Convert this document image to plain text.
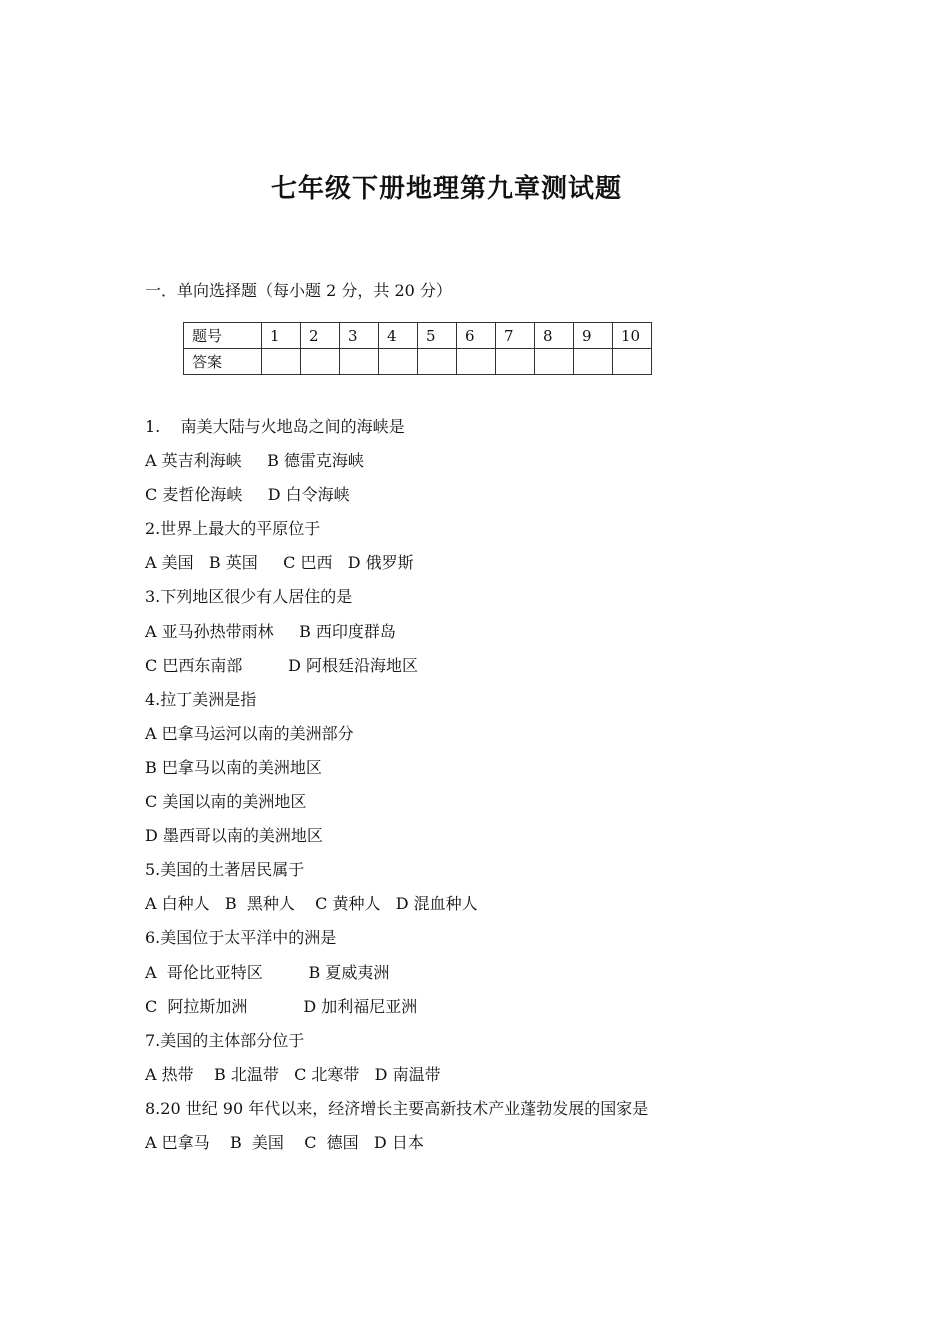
七年级下册地理第九章测试题
一．单向选择题（每小题 2 分，共 20 分）
题号	1	2	3	4	5	6	7	8	9	10
答案										
1.    南美大陆与火地岛之间的海峡是
A 英吉利海峡     B 德雷克海峡
C 麦哲伦海峡     D 白令海峡
2.世界上最大的平原位于
A 美国   B 英国     C 巴西   D 俄罗斯
3.下列地区很少有人居住的是
A 亚马孙热带雨林     B 西印度群岛
C 巴西东南部         D 阿根廷沿海地区
4.拉丁美洲是指
A 巴拿马运河以南的美洲部分
B 巴拿马以南的美洲地区
C 美国以南的美洲地区
D 墨西哥以南的美洲地区
5.美国的土著居民属于
A 白种人   B  黑种人    C 黄种人   D 混血种人
6.美国位于太平洋中的洲是
A  哥伦比亚特区         B 夏威夷洲
C  阿拉斯加洲           D 加利福尼亚洲
7.美国的主体部分位于
A 热带    B 北温带   C 北寒带   D 南温带
8.20 世纪 90 年代以来，经济增长主要高新技术产业蓬勃发展的国家是
A 巴拿马    B  美国    C  德国   D 日本
